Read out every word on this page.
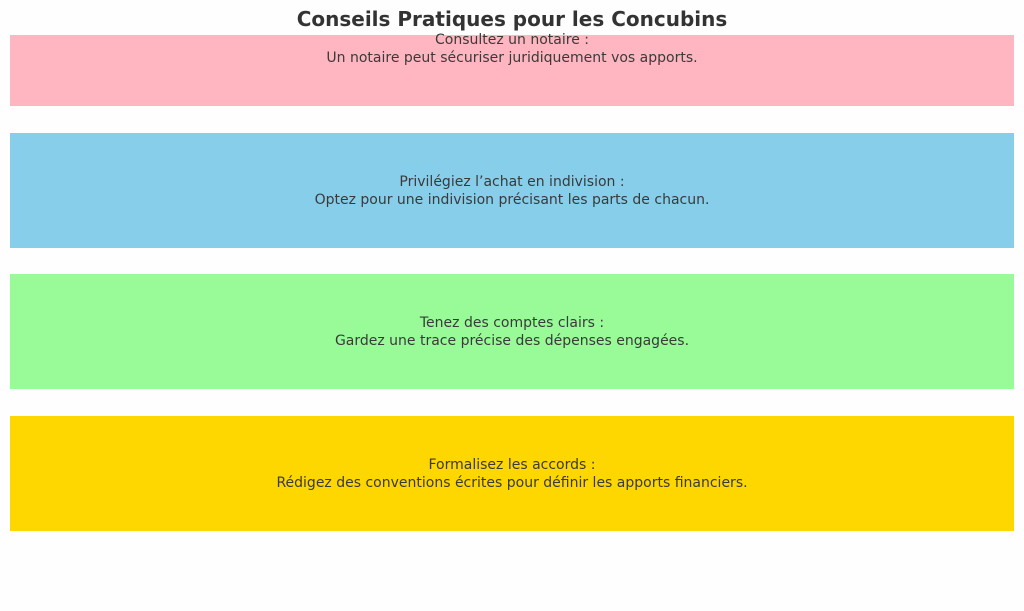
Conseils Pratiques pour les Concubins
Consultez un notaire :
Un notaire peut sécuriser juridiquement vos apports.
Privilégiez l’achat en indivision :
Optez pour une indivision précisant les parts de chacun.
Tenez des comptes clairs :
Gardez une trace précise des dépenses engagées.
Formalisez les accords :
Rédigez des conventions écrites pour définir les apports financiers.
